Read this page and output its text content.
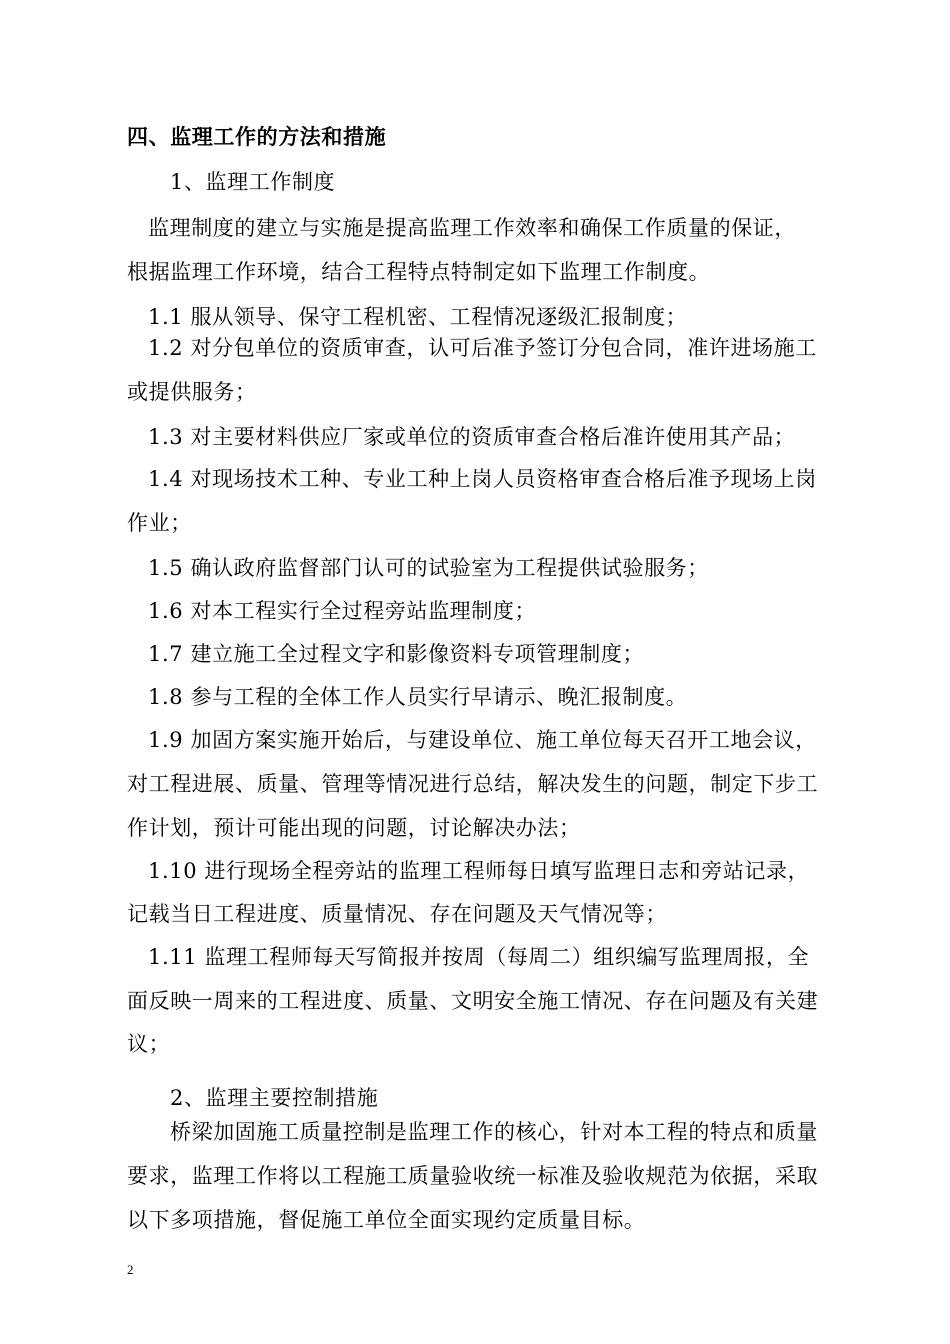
四、监理工作的方法和措施
1、监理工作制度
监理制度的建立与实施是提高监理工作效率和确保工作质量的保证，
根据监理工作环境，结合工程特点特制定如下监理工作制度。
1.1 服从领导、保守工程机密、工程情况逐级汇报制度；
1.2 对分包单位的资质审查，认可后准予签订分包合同，准许进场施工
或提供服务；
1.3 对主要材料供应厂家或单位的资质审查合格后准许使用其产品；
1.4 对现场技术工种、专业工种上岗人员资格审查合格后准予现场上岗
作业；
1.5 确认政府监督部门认可的试验室为工程提供试验服务；
1.6 对本工程实行全过程旁站监理制度；
1.7 建立施工全过程文字和影像资料专项管理制度；
1.8 参与工程的全体工作人员实行早请示、晚汇报制度。
1.9 加固方案实施开始后，与建设单位、施工单位每天召开工地会议，
对工程进展、质量、管理等情况进行总结，解决发生的问题，制定下步工
作计划，预计可能出现的问题，讨论解决办法；
1.10 进行现场全程旁站的监理工程师每日填写监理日志和旁站记录，
记载当日工程进度、质量情况、存在问题及天气情况等；
1.11 监理工程师每天写简报并按周（每周二）组织编写监理周报，全
面反映一周来的工程进度、质量、文明安全施工情况、存在问题及有关建
议；
2、监理主要控制措施
桥梁加固施工质量控制是监理工作的核心，针对本工程的特点和质量
要求，监理工作将以工程施工质量验收统一标准及验收规范为依据，采取
以下多项措施，督促施工单位全面实现约定质量目标。
2
